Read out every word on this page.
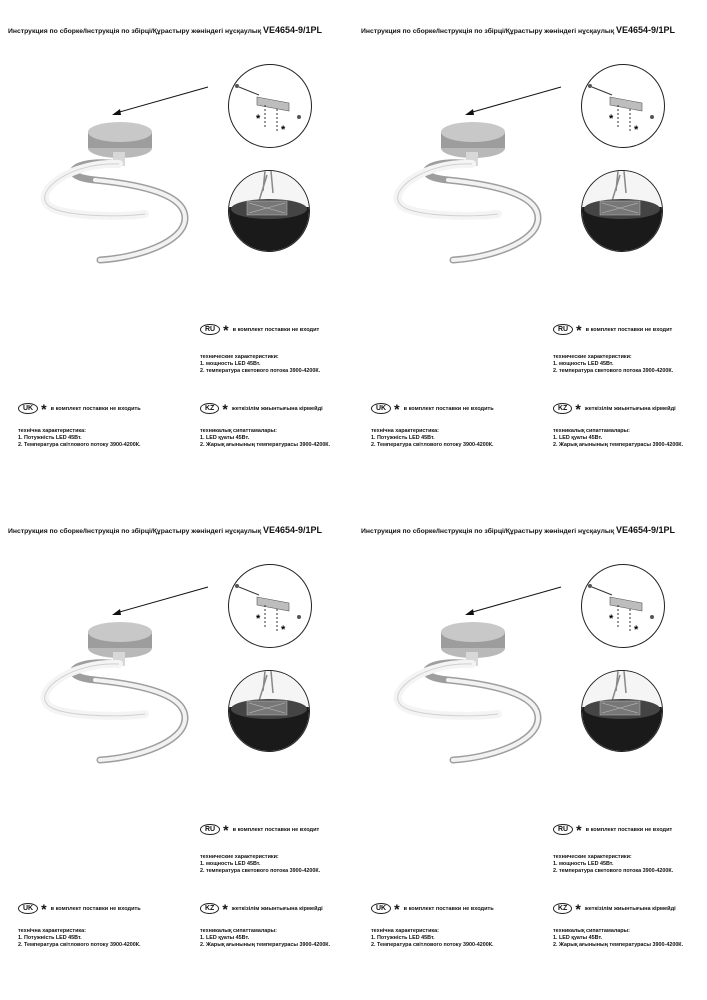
Инструкция по сборке/Інструкція по збірці/Құрастыру жөніндегі нұсқаулық VE4654-9/1PL
*
*
RU * в комплект поставки не входит
технические характеристики:
1. мощность LED 45Вт.
2. температура светового потока 3900-4200К.
UK * в комплект поставки не входить
технічна характеристика:
1. Потужність LED 45Вт.
2. Температура світлового потоку 3900-4200К.
KZ * жеткізілім жиынтығына кірмейді
техникалық сипаттамалары:
1. LED қуаты 45Вт.
2. Жарық ағынының температурасы 3900-4200К.
Инструкция по сборке/Інструкція по збірці/Құрастыру жөніндегі нұсқаулық VE4654-9/1PL
*
*
RU * в комплект поставки не входит
технические характеристики:
1. мощность LED 45Вт.
2. температура светового потока 3900-4200К.
UK * в комплект поставки не входить
технічна характеристика:
1. Потужність LED 45Вт.
2. Температура світлового потоку 3900-4200К.
KZ * жеткізілім жиынтығына кірмейді
техникалық сипаттамалары:
1. LED қуаты 45Вт.
2. Жарық ағынының температурасы 3900-4200К.
Инструкция по сборке/Інструкція по збірці/Құрастыру жөніндегі нұсқаулық VE4654-9/1PL
*
*
RU * в комплект поставки не входит
технические характеристики:
1. мощность LED 45Вт.
2. температура светового потока 3900-4200К.
UK * в комплект поставки не входить
технічна характеристика:
1. Потужність LED 45Вт.
2. Температура світлового потоку 3900-4200К.
KZ * жеткізілім жиынтығына кірмейді
техникалық сипаттамалары:
1. LED қуаты 45Вт.
2. Жарық ағынының температурасы 3900-4200К.
Инструкция по сборке/Інструкція по збірці/Құрастыру жөніндегі нұсқаулық VE4654-9/1PL
*
*
RU * в комплект поставки не входит
технические характеристики:
1. мощность LED 45Вт.
2. температура светового потока 3900-4200К.
UK * в комплект поставки не входить
технічна характеристика:
1. Потужність LED 45Вт.
2. Температура світлового потоку 3900-4200К.
KZ * жеткізілім жиынтығына кірмейді
техникалық сипаттамалары:
1. LED қуаты 45Вт.
2. Жарық ағынының температурасы 3900-4200К.
